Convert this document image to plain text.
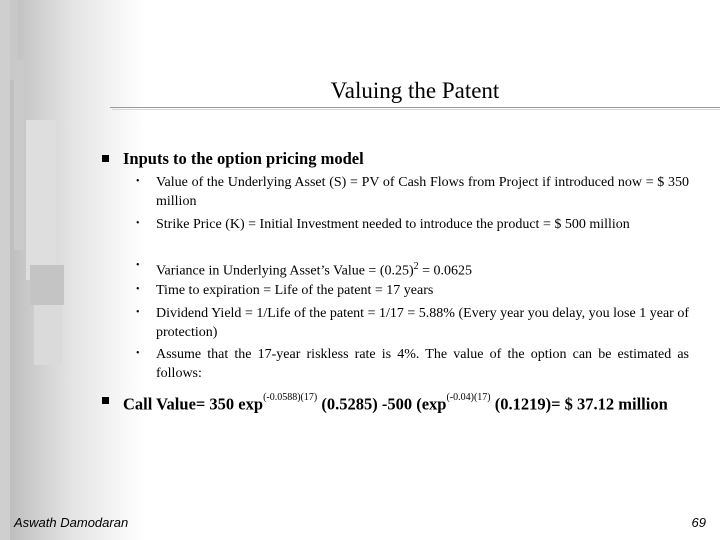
Valuing the Patent
Inputs to the option pricing model
• Value of the Underlying Asset (S) = PV of Cash Flows from Project if introduced now = $ 350 million
• Strike Price (K) = Initial Investment needed to introduce the product = $ 500 million
• Variance in Underlying Asset’s Value = $(0.25)^2 = 0.0625$
• Time to expiration = Life of the patent = 17 years
• Dividend Yield = 1/Life of the patent = 1/17 = 5.88% (Every year you delay, you lose 1 year of protection)
• Assume that the 17-year riskless rate is 4%. The value of the option can be estimated as follows:
Call Value= 350 $\exp^{(-0.0588)(17)} (0.5285)$ -500 ($\exp^{(-0.04)(17)}$ (0.1219)= $ 37.12 million
Aswath Damodaran	69
